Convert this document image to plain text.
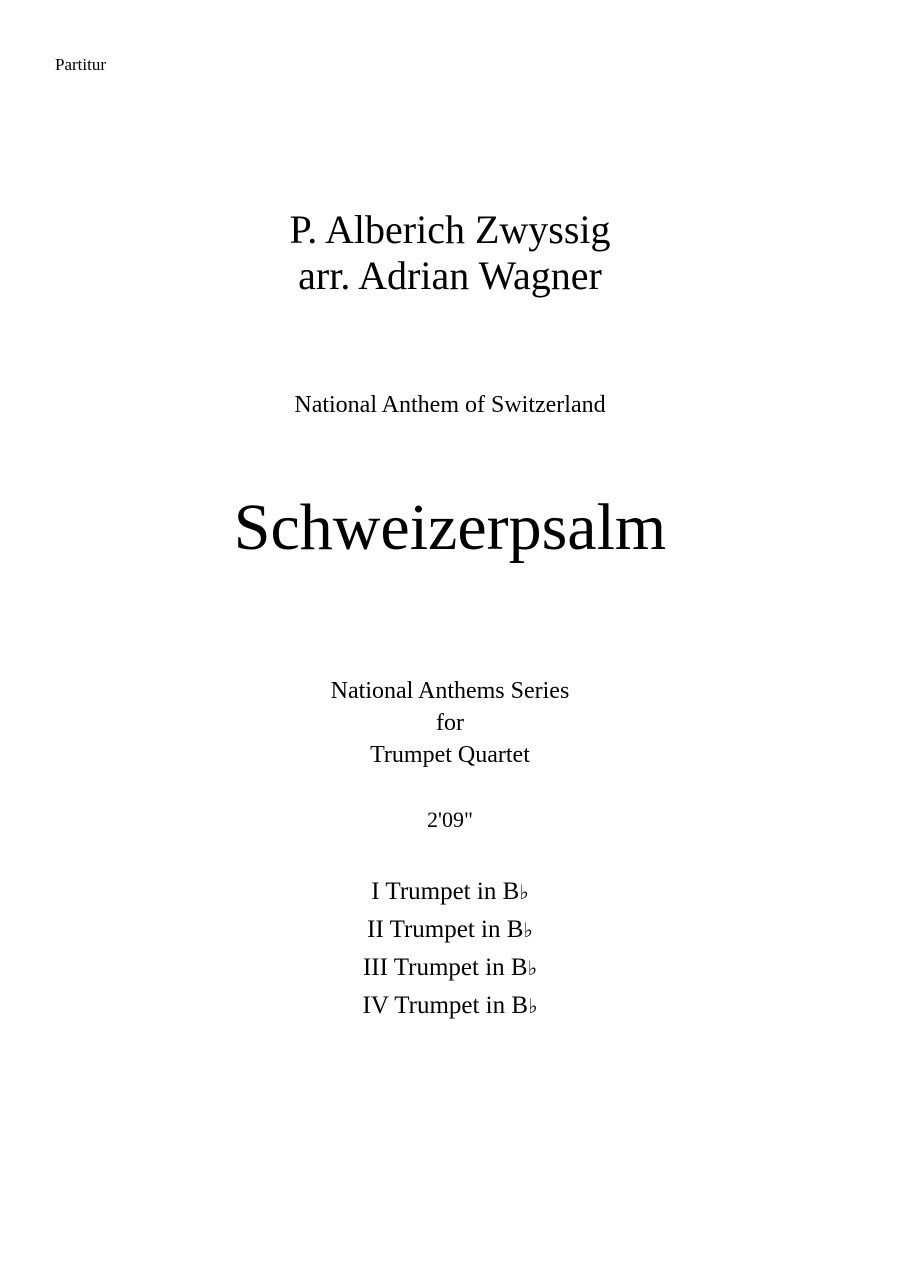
Partitur
P. Alberich Zwyssig
arr. Adrian Wagner
National Anthem of Switzerland
Schweizerpsalm
National Anthems Series
for
Trumpet Quartet
2'09"
I Trumpet in B♭
II Trumpet in B♭
III Trumpet in B♭
IV Trumpet in B♭
